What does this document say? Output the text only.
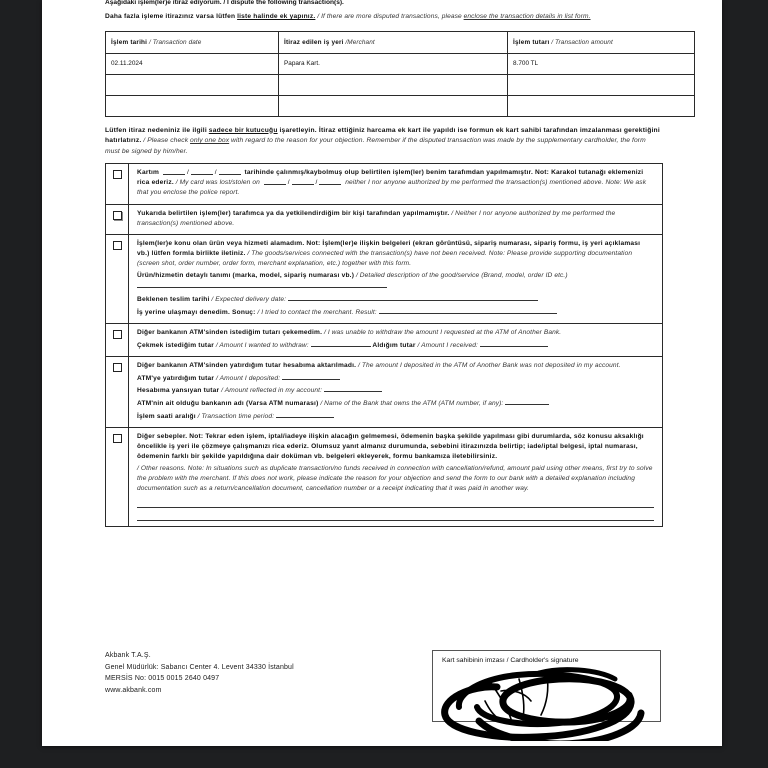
Aşağıdaki işlem(ler)e itiraz ediyorum. / I dispute the following transaction(s).
Daha fazla işleme itirazınız varsa lütfen liste halinde ek yapınız. / If there are more disputed transactions, please enclose the transaction details in list form.
İşlem tarihi / Transaction date	İtiraz edilen iş yeri /Merchant	İşlem tutarı / Transaction amount
02.11.2024	Papara Kart.	8.700 TL

Lütfen itiraz nedeniniz ile ilgili sadece bir kutucuğu işaretleyin. İtiraz ettiğiniz harcama ek kart ile yapıldı ise formun ek kart sahibi tarafından imzalanması gerektiğini hatırlatırız. / Please check only one box with regard to the reason for your objection. Remember if the disputed transaction was made by the supplementary cardholder, the form must be signed by him/her.

Kartım	/	/	tarihinde çalınmış/kaybolmuş olup belirtilen işlem(ler) benim tarafımdan yapılmamıştır. Not: Karakol tutanağı eklemenizi rica ederiz. / My card was lost/stolen on	/	/	neither I nor anyone authorized by me performed the transaction(s) mentioned above. Note: We ask that you enclose the police report.

Yukarıda belirtilen işlem(ler) tarafımca ya da yetkilendirdiğim bir kişi tarafından yapılmamıştır. / Neither I nor anyone authorized by me performed the transaction(s) mentioned above.

İşlem(ler)e konu olan ürün veya hizmeti alamadım. Not: İşlem(ler)e ilişkin belgeleri (ekran görüntüsü, sipariş numarası, sipariş formu, iş yeri açıklaması vb.) lütfen formla birlikte iletiniz. / The goods/services connected with the transaction(s) have not been received. Note: Please provide supporting documentation (screen shot, order number, order form, merchant explanation, etc.) together with this form.

Ürün/hizmetin detaylı tanımı (marka, model, sipariş numarası vb.) / Detailed description of the good/service (Brand, model, order ID etc.)

Beklenen teslim tarihi / Expected delivery date:

İş yerine ulaşmayı denedim. Sonuç: / I tried to contact the merchant. Result:

Diğer bankanın ATM'sinden istediğim tutarı çekemedim. / I was unable to withdraw the amount I requested at the ATM of Another Bank.

Çekmek istediğim tutar / Amount I wanted to withdraw:	Aldığım tutar / Amount I received:

Diğer bankanın ATM'sinden yatırdığım tutar hesabıma aktarılmadı. / The amount I deposited in the ATM of Another Bank was not deposited in my account.

ATM'ye yatırdığım tutar / Amount I deposited:

Hesabıma yansıyan tutar / Amount reflected in my account:

ATM'nin ait olduğu bankanın adı (Varsa ATM numarası) / Name of the Bank that owns the ATM (ATM number, if any):

İşlem saati aralığı / Transaction time period:

Diğer sebepler. Not: Tekrar eden işlem, iptal/iadeye ilişkin alacağın gelmemesi, ödemenin başka şekilde yapılması gibi durumlarda, söz konusu aksaklığı öncelikle iş yeri ile çözmeye çalışmanızı rica ederiz. Olumsuz yanıt almanız durumunda, sebebini itirazınızda belirtip; iade/iptal belgesi, iptal numarası, ödemenin farklı bir şekilde yapıldığına dair doküman vb. belgeleri ekleyerek, formu bankamıza iletebilirsiniz.

/ Other reasons. Note: In situations such as duplicate transaction/no funds received in connection with cancellation/refund, amount paid using other means, first try to solve the problem with the merchant. If this does not work, please indicate the reason for your objection and send the form to our bank with a detailed explanation including documentation such as a return/cancellation document, cancellation number or a receipt indicating that it was paid in another way.

Akbank T.A.Ş.
Genel Müdürlük: Sabancı Center 4. Levent 34330 İstanbul
MERSİS No: 0015 0015 2640 0497
www.akbank.com
Kart sahibinin imzası / Cardholder's signature
